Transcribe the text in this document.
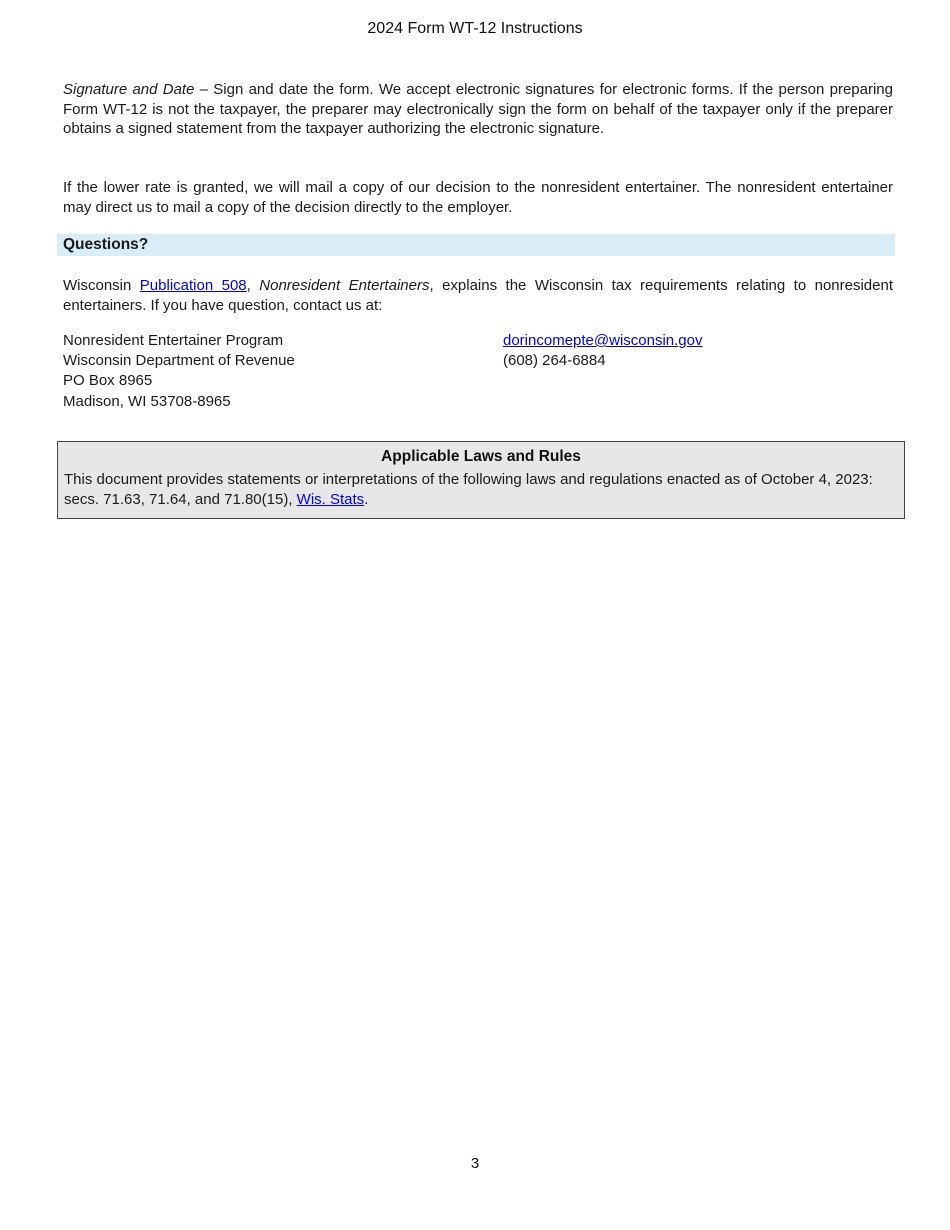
2024 Form WT-12 Instructions

Signature and Date – Sign and date the form. We accept electronic signatures for electronic forms. If the person preparing Form WT-12 is not the taxpayer, the preparer may electronically sign the form on behalf of the taxpayer only if the preparer obtains a signed statement from the taxpayer authorizing the electronic signature.

If the lower rate is granted, we will mail a copy of our decision to the nonresident entertainer. The nonresident entertainer may direct us to mail a copy of the decision directly to the employer.

Questions?

Wisconsin Publication 508, Nonresident Entertainers, explains the Wisconsin tax requirements relating to nonresident entertainers. If you have question, contact us at:

Nonresident Entertainer Program
Wisconsin Department of Revenue
PO Box 8965
Madison, WI 53708-8965
dorincomepte@wisconsin.gov
(608) 264-6884
Applicable Laws and Rules

This document provides statements or interpretations of the following laws and regulations enacted as of October 4, 2023: secs. 71.63, 71.64, and 71.80(15), Wis. Stats.

3
